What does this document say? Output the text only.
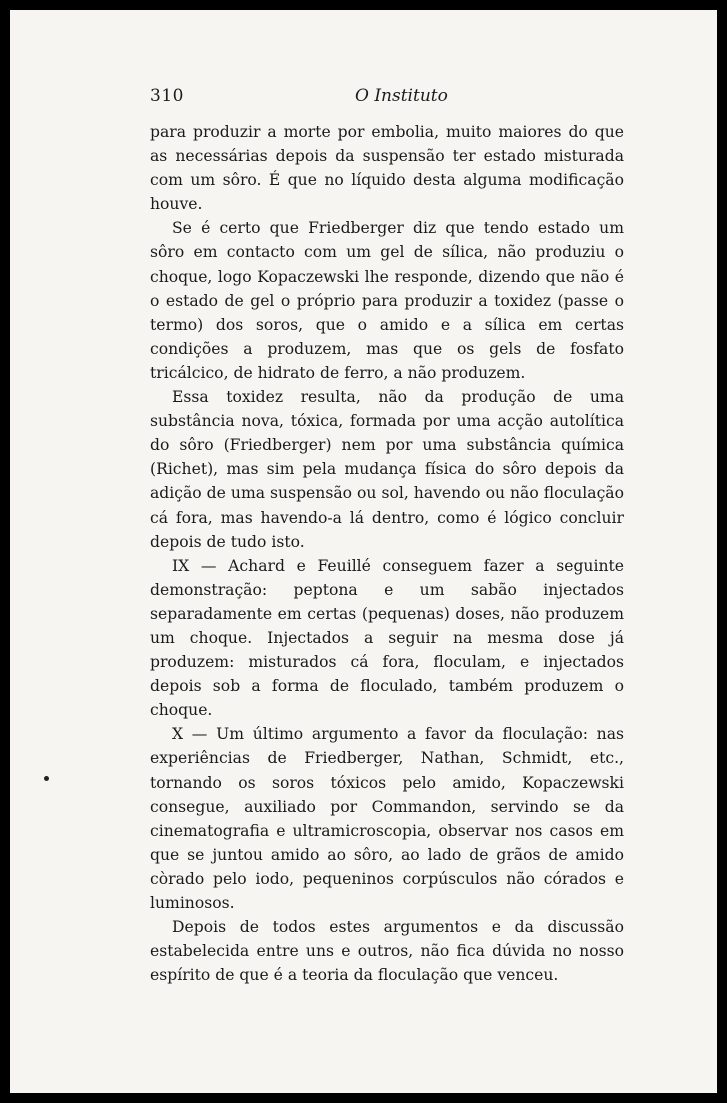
310	O Instituto

para produzir a morte por embolia, muito maiores do que as necessárias depois da suspensão ter estado misturada com um sôro. É que no líquido desta alguma modificação houve.

Se é certo que Friedberger diz que tendo estado um sôro em contacto com um gel de sílica, não produziu o choque, logo Kopaczewski lhe responde, dizendo que não é o estado de gel o próprio para produzir a toxidez (passe o termo) dos soros, que o amido e a sílica em certas condições a produzem, mas que os gels de fosfato tricálcico, de hidrato de ferro, a não produzem.

Essa toxidez resulta, não da produção de uma substância nova, tóxica, formada por uma acção autolítica do sôro (Friedberger) nem por uma substância química (Richet), mas sim pela mudança física do sôro depois da adição de uma suspensão ou sol, havendo ou não floculação cá fora, mas havendo-a lá dentro, como é lógico concluir depois de tudo isto.

IX — Achard e Feuillé conseguem fazer a seguinte demonstração: peptona e um sabão injectados separadamente em certas (pequenas) doses, não produzem um choque. Injectados a seguir na mesma dose já produzem: misturados cá fora, floculam, e injectados depois sob a forma de floculado, também produzem o choque.

X — Um último argumento a favor da floculação: nas experiências de Friedberger, Nathan, Schmidt, etc., tornando os soros tóxicos pelo amido, Kopaczewski consegue, auxiliado por Commandon, servindo se da cinematografia e ultramicroscopia, observar nos casos em que se juntou amido ao sôro, ao lado de grãos de amido còrado pelo iodo, pequeninos corpúsculos não córados e luminosos.

Depois de todos estes argumentos e da discussão estabelecida entre uns e outros, não fica dúvida no nosso espírito de que é a teoria da floculação que venceu.
